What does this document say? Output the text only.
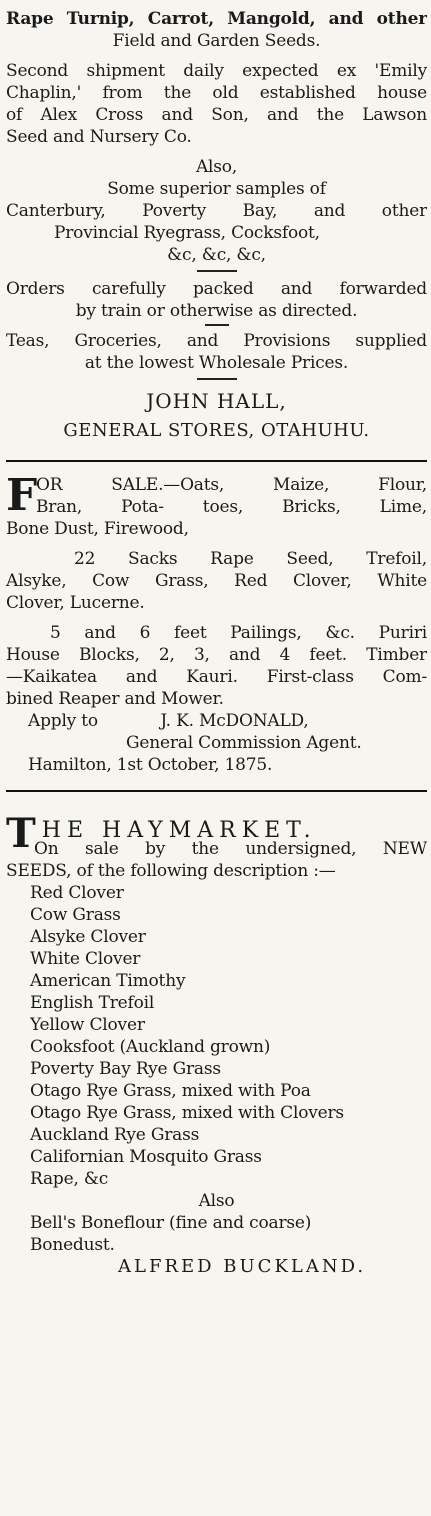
Rape Turnip, Carrot, Mangold, and other
Field and Garden Seeds.
Second shipment daily expected ex 'Emily
Chaplin,' from the old established house
of Alex Cross and Son, and the Lawson
Seed and Nursery Co.
Also,
Some superior samples of
Canterbury, Poverty Bay, and other
Provincial Ryegrass, Cocksfoot,
&c, &c, &c,
Orders carefully packed and forwarded
by train or otherwise as directed.
Teas, Groceries, and Provisions supplied
at the lowest Wholesale Prices.
JOHN HALL,
GENERAL STORES, OTAHUHU.
F
OR SALE.—Oats, Maize, Flour,
Bran, Pota- toes, Bricks, Lime,
Bone Dust, Firewood,
22 Sacks Rape Seed, Trefoil,
Alsyke, Cow Grass, Red Clover, White
Clover, Lucerne.
5 and 6 feet Pailings, &c. Puriri
House Blocks, 2, 3, and 4 feet. Timber
—Kaikatea and Kauri. First-class Com-
bined Reaper and Mower.
Apply to	J. K. McDONALD,
General Commission Agent.
Hamilton, 1st October, 1875.
THE HAYMARKET.
On sale by the undersigned, NEW
SEEDS, of the following description :—
Red Clover
Cow Grass
Alsyke Clover
White Clover
American Timothy
English Trefoil
Yellow Clover
Cooksfoot (Auckland grown)
Poverty Bay Rye Grass
Otago Rye Grass, mixed with Poa
Otago Rye Grass, mixed with Clovers
Auckland Rye Grass
Californian Mosquito Grass
Rape, &c
Also
Bell's Boneflour (fine and coarse)
Bonedust.
ALFRED BUCKLAND.
